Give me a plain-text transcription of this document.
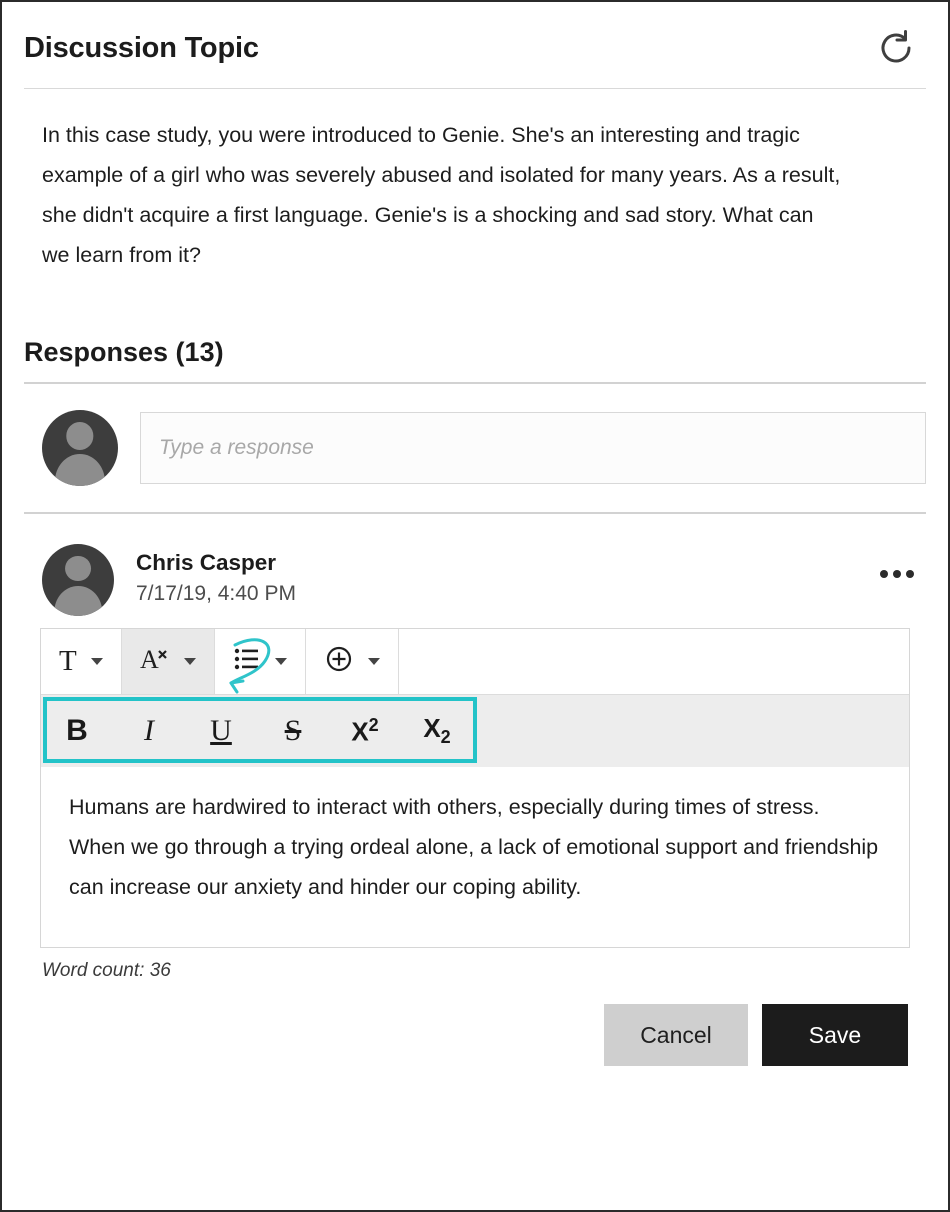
Discussion Topic
In this case study, you were introduced to Genie. She's an interesting and tragic example of a girl who was severely abused and isolated for many years. As a result, she didn't acquire a first language. Genie's is a shocking and sad story. What can we learn from it?
Responses (13)
Type a response
Chris Casper
7/17/19, 4:40 PM
T A
B	I	U	S	$X^2$	$X_2$
Humans are hardwired to interact with others, especially during times of stress. When we go through a trying ordeal alone, a lack of emotional support and friendship can increase our anxiety and hinder our coping ability.
Word count: 36
Cancel	Save
